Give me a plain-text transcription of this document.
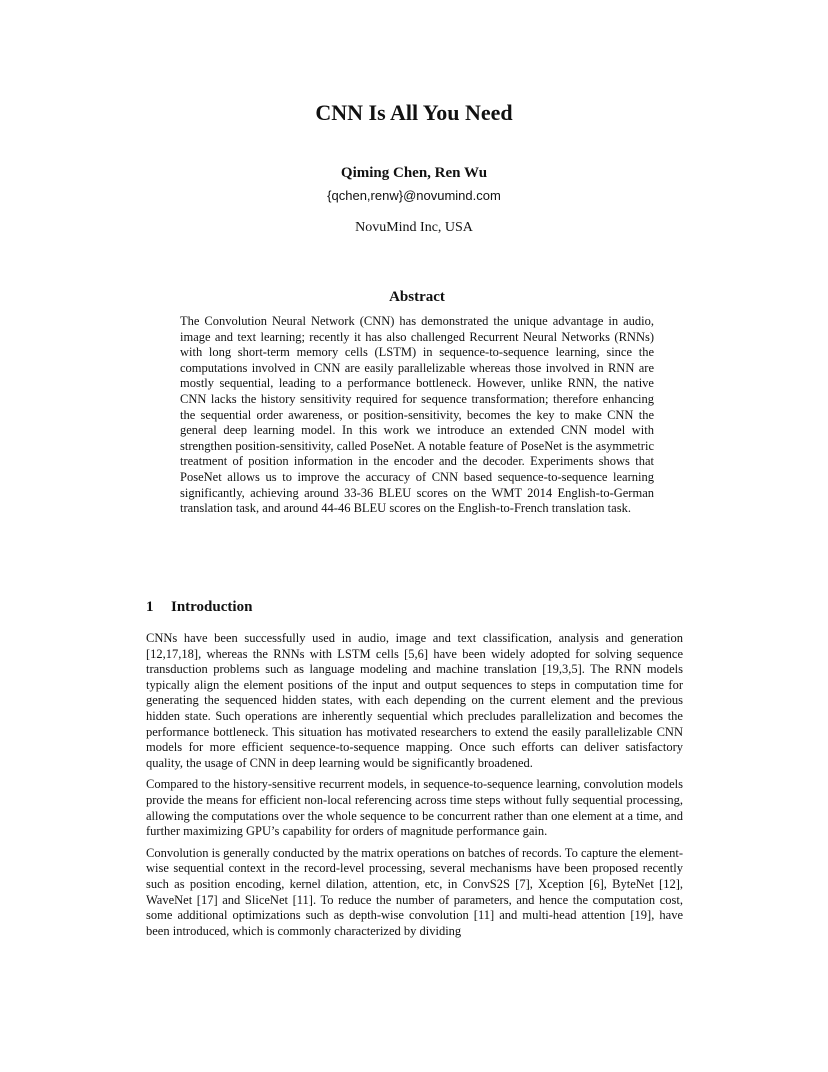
CNN Is All You Need
Qiming Chen, Ren Wu
{qchen,renw}@novumind.com
NovuMind Inc, USA
Abstract

The Convolution Neural Network (CNN) has demonstrated the unique advantage in audio, image and text learning; recently it has also challenged Recurrent Neural Networks (RNNs) with long short-term memory cells (LSTM) in sequence-to-sequence learning, since the computations involved in CNN are easily parallelizable whereas those involved in RNN are mostly sequential, leading to a performance bottleneck. However, unlike RNN, the native CNN lacks the history sensitivity required for sequence transformation; therefore enhancing the sequential order awareness, or position-sensitivity, becomes the key to make CNN the general deep learning model. In this work we introduce an extended CNN model with strengthen position-sensitivity, called PoseNet. A notable feature of PoseNet is the asymmetric treatment of position information in the encoder and the decoder. Experiments shows that PoseNet allows us to improve the accuracy of CNN based sequence-to-sequence learning significantly, achieving around 33-36 BLEU scores on the WMT 2014 English-to-German translation task, and around 44-46 BLEU scores on the English-to-French translation task.

1 Introduction

CNNs have been successfully used in audio, image and text classification, analysis and generation [12,17,18], whereas the RNNs with LSTM cells [5,6] have been widely adopted for solving sequence transduction problems such as language modeling and machine translation [19,3,5]. The RNN models typically align the element positions of the input and output sequences to steps in computation time for generating the sequenced hidden states, with each depending on the current element and the previous hidden state. Such operations are inherently sequential which precludes parallelization and becomes the performance bottleneck. This situation has motivated researchers to extend the easily parallelizable CNN models for more efficient sequence-to-sequence mapping. Once such efforts can deliver satisfactory quality, the usage of CNN in deep learning would be significantly broadened.

Compared to the history-sensitive recurrent models, in sequence-to-sequence learning, convolution models provide the means for efficient non-local referencing across time steps without fully sequential processing, allowing the computations over the whole sequence to be concurrent rather than one element at a time, and further maximizing GPU’s capability for orders of magnitude performance gain.

Convolution is generally conducted by the matrix operations on batches of records. To capture the element-wise sequential context in the record-level processing, several mechanisms have been proposed recently such as position encoding, kernel dilation, attention, etc, in ConvS2S [7], Xception [6], ByteNet [12], WaveNet [17] and SliceNet [11]. To reduce the number of parameters, and hence the computation cost, some additional optimizations such as depth-wise convolution [11] and multi-head attention [19], have been introduced, which is commonly characterized by dividing
